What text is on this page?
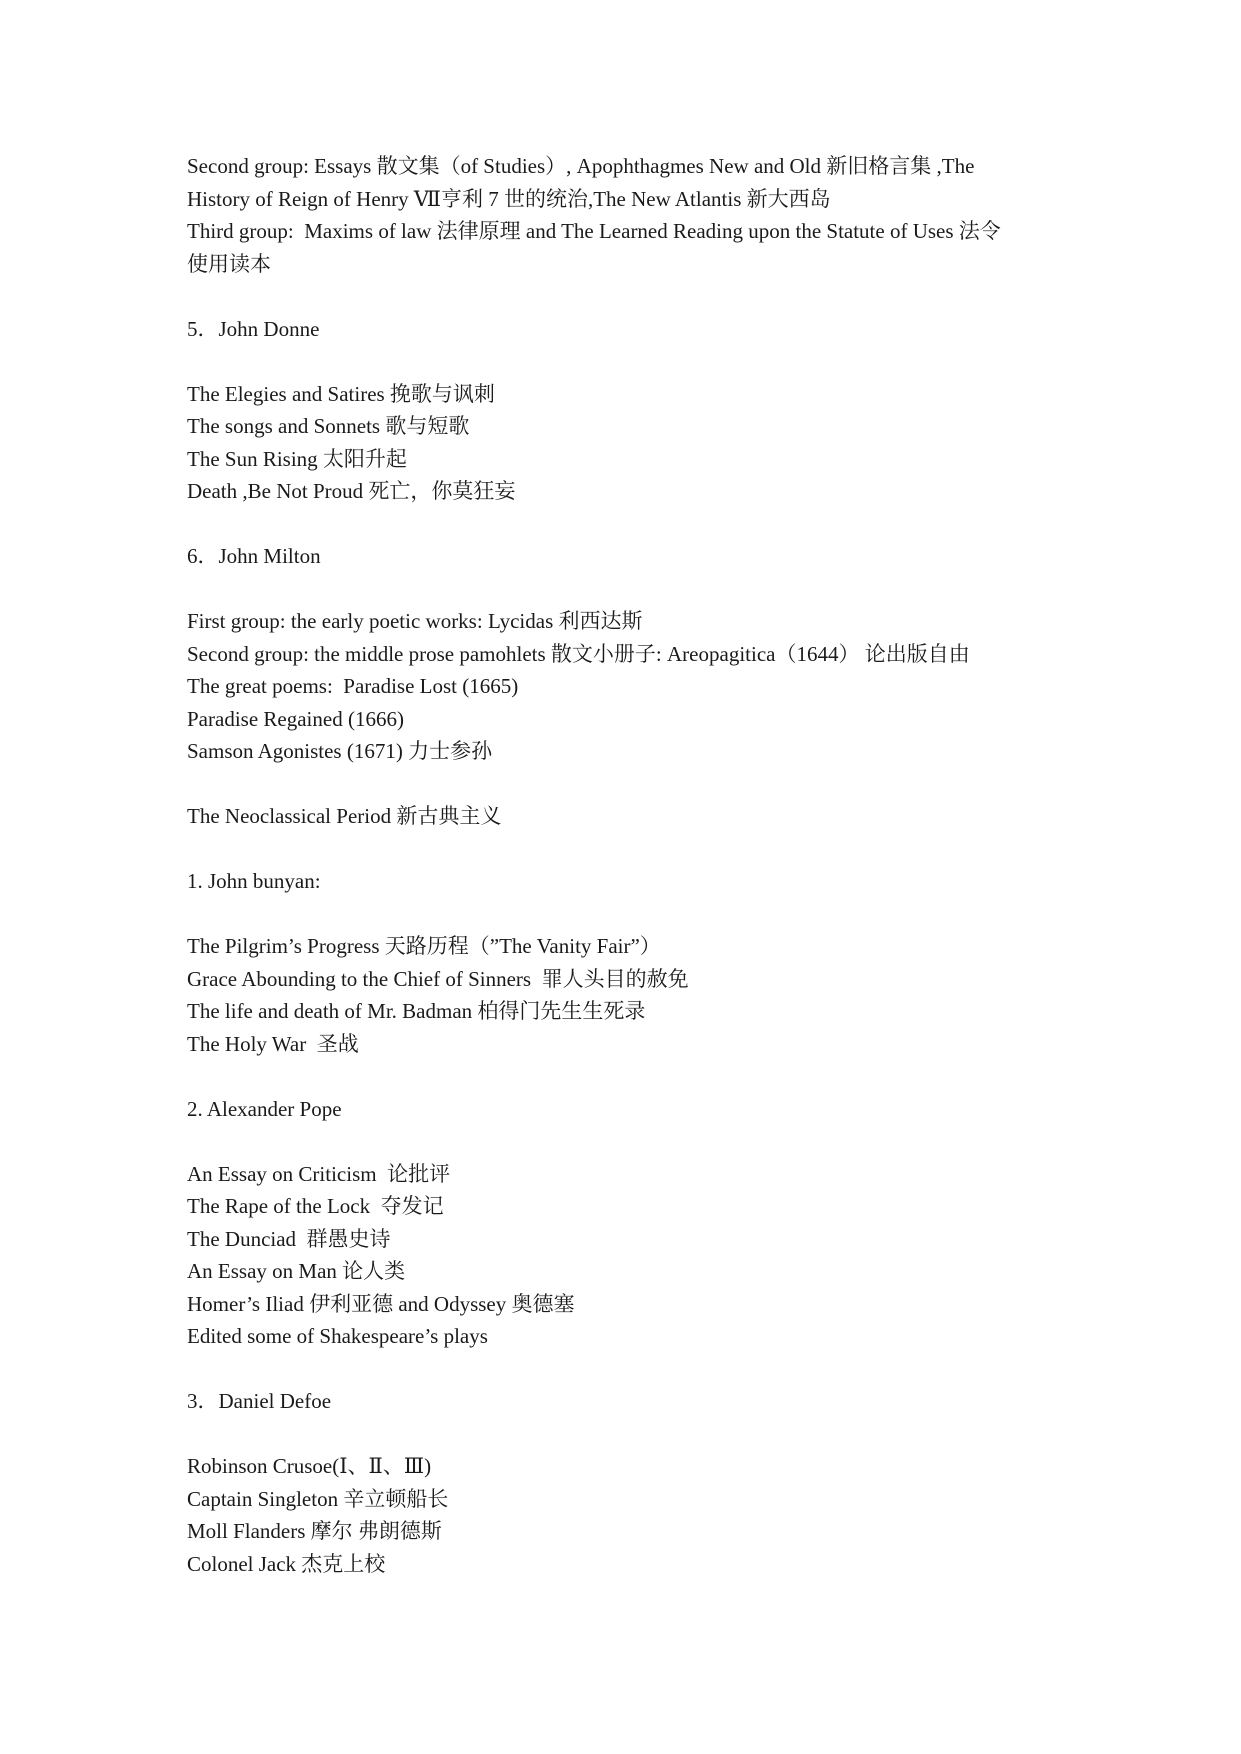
Second group: Essays 散文集（of Studies）, Apophthagmes New and Old 新旧格言集 ,The
History of Reign of Henry Ⅶ亨利 7 世的统治,The New Atlantis 新大西岛
Third group:  Maxims of law 法律原理 and The Learned Reading upon the Statute of Uses 法令
使用读本
5．John Donne
The Elegies and Satires 挽歌与讽刺
The songs and Sonnets 歌与短歌
The Sun Rising 太阳升起
Death ,Be Not Proud 死亡，你莫狂妄
6．John Milton
First group: the early poetic works: Lycidas 利西达斯
Second group: the middle prose pamohlets 散文小册子: Areopagitica（1644） 论出版自由
The great poems:  Paradise Lost (1665)
Paradise Regained (1666)
Samson Agonistes (1671) 力士参孙
The Neoclassical Period 新古典主义
1. John bunyan:
The Pilgrim’s Progress 天路历程（”The Vanity Fair”）
Grace Abounding to the Chief of Sinners  罪人头目的赦免
The life and death of Mr. Badman 柏得门先生生死录
The Holy War  圣战
2. Alexander Pope
An Essay on Criticism  论批评
The Rape of the Lock  夺发记
The Dunciad  群愚史诗
An Essay on Man 论人类
Homer’s Iliad 伊利亚德 and Odyssey 奥德塞
Edited some of Shakespeare’s plays
3．Daniel Defoe
Robinson Crusoe(Ⅰ、Ⅱ、Ⅲ)
Captain Singleton 辛立顿船长
Moll Flanders 摩尔 弗朗德斯
Colonel Jack 杰克上校
